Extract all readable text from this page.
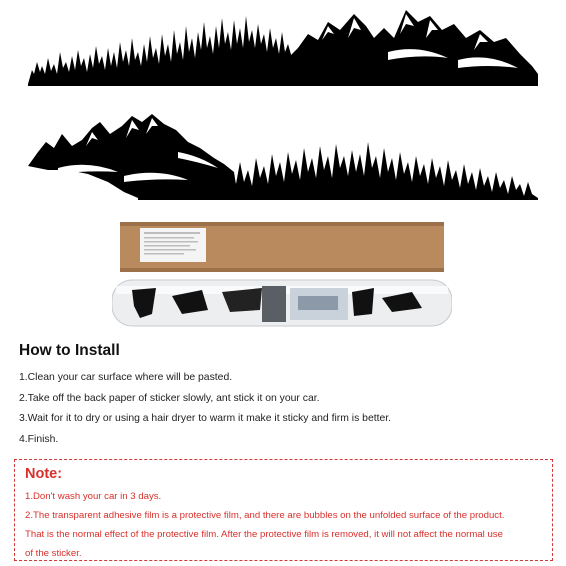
How to Install
1.Clean your car surface where will be pasted.
2.Take off the back paper of sticker slowly, ant stick it on your car.
3.Wait for it to dry or using a hair dryer to warm it make it sticky and firm is better.
4.Finish.
Note:
1.Don't wash your car in 3 days.
2.The transparent adhesive film is a protective film, and there are bubbles on the unfolded surface of the product.
That is the normal effect of the protective film. After the protective film is removed, it will not affect the normal use
of the sticker.
